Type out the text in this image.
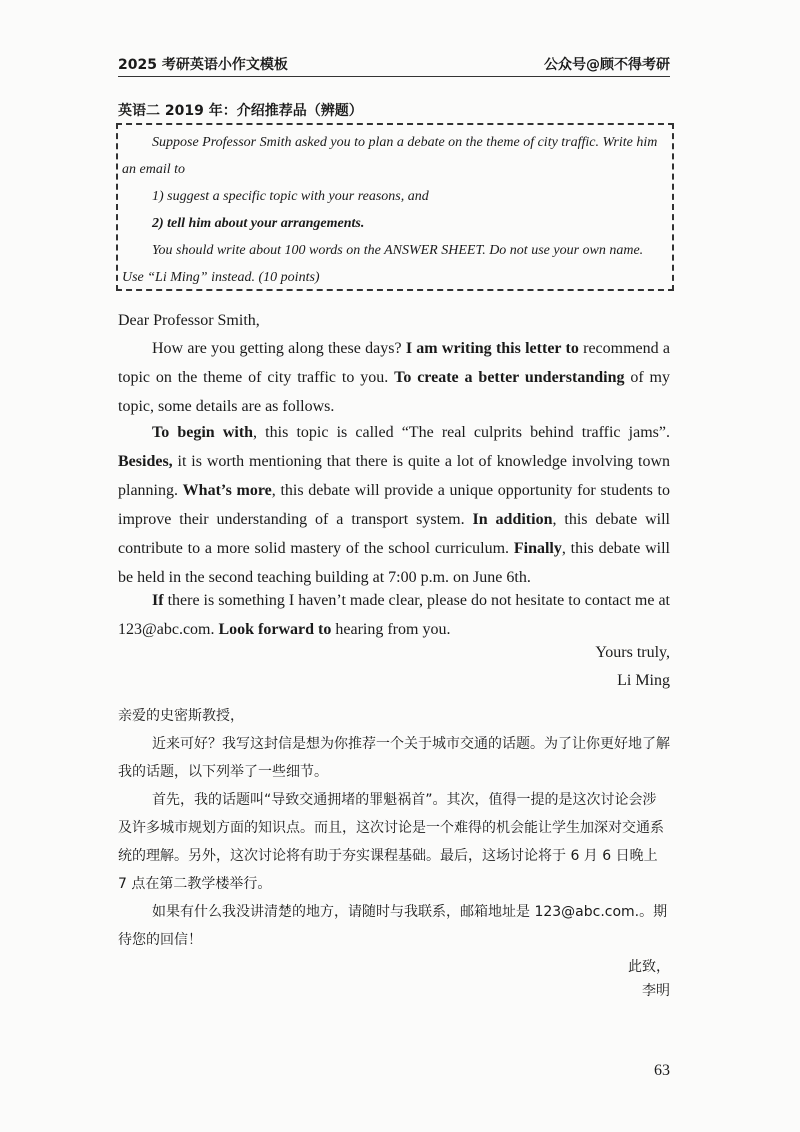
2025 考研英语小作文模板	公众号@顾不得考研
英语二 2019 年：介绍推荐品（辨题）

Suppose Professor Smith asked you to plan a debate on the theme of city traffic. Write him

an email to

1) suggest a specific topic with your reasons, and

2) tell him about your arrangements.

You should write about 100 words on the ANSWER SHEET. Do not use your own name.

Use “Li Ming” instead. (10 points)

Dear Professor Smith,
How are you getting along these days? I am writing this letter to recommend a topic on the theme of city traffic to you. To create a better understanding of my topic, some details are as follows.
To begin with, this topic is called “The real culprits behind traffic jams”. Besides, it is worth mentioning that there is quite a lot of knowledge involving town planning. What’s more, this debate will provide a unique opportunity for students to improve their understanding of a transport system. In addition, this debate will contribute to a more solid mastery of the school curriculum. Finally, this debate will be held in the second teaching building at 7:00 p.m. on June 6th.
If there is something I haven’t made clear, please do not hesitate to contact me at 123@abc.com. Look forward to hearing from you.
Yours truly,
Li Ming
亲爱的史密斯教授，
近来可好？我写这封信是想为你推荐一个关于城市交通的话题。为了让你更好地了解我的话题，以下列举了一些细节。
首先，我的话题叫“导致交通拥堵的罪魁祸首”。其次，值得一提的是这次讨论会涉及许多城市规划方面的知识点。而且，这次讨论是一个难得的机会能让学生加深对交通系统的理解。另外，这次讨论将有助于夯实课程基础。最后，这场讨论将于 6 月 6 日晚上 7 点在第二教学楼举行。
如果有什么我没讲清楚的地方，请随时与我联系，邮箱地址是 123@abc.com.。期待您的回信！
此致，
李明
63
